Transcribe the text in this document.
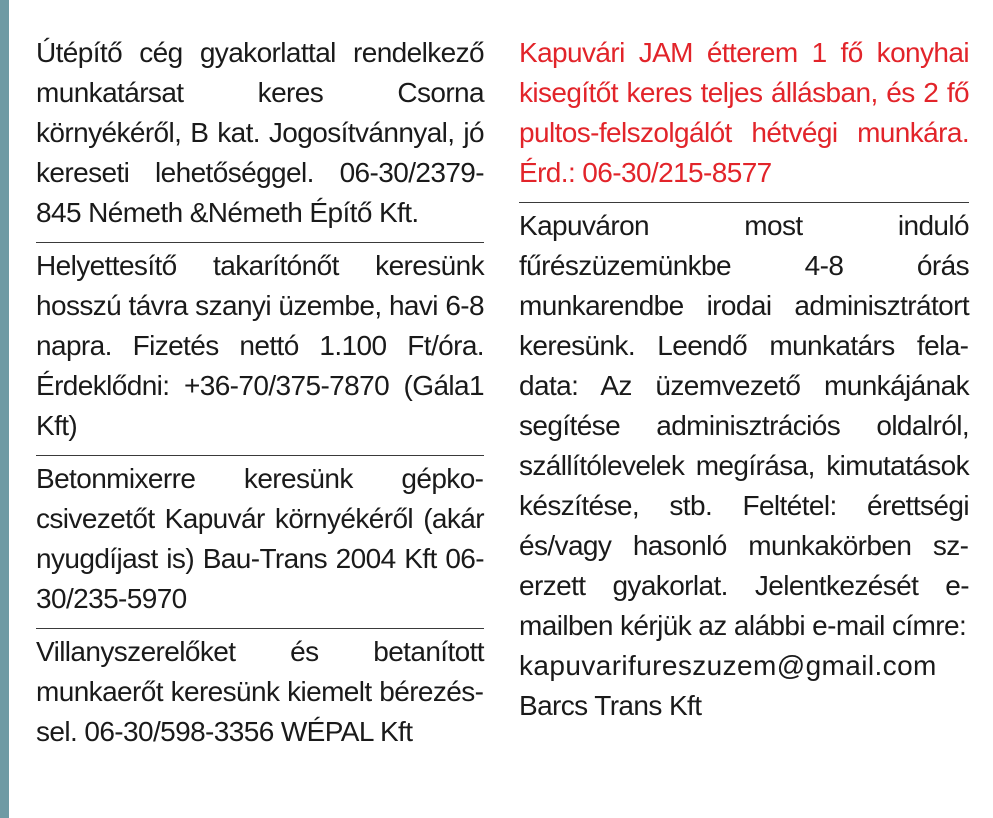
Útépítő cég gyakorlattal rendelkező munkatársat keres Csorna környékéről, B kat. Jogosítvánnyal, jó kereseti lehetőséggel. 06-30/2379-845 Németh &Németh Építő Kft.

Helyettesítő takarítónőt keresünk hosszú távra szanyi üzembe, havi 6-8 napra. Fizetés nettó 1.100 Ft/óra. Érdeklődni: +36-70/375-7870 (Gála1 Kft)

Betonmixerre keresünk gépkocsivezetőt Kapuvár környékéről (akár nyugdíjast is) Bau-Trans 2004 Kft 06-30/235-5970

Villanyszerelőket és betanított munkaerőt keresünk kiemelt bérezéssel. 06-30/598-3356 WÉPAL Kft

Kapuvári JAM étterem 1 fő konyhai kisegítőt keres teljes állásban, és 2 fő pultos-felszolgálót hétvégi munkára. Érd.: 06-30/215-8577

Kapuváron most induló fűrészüzemünkbe 4-8 órás munkarendbe irodai adminisztrátort keresünk. Leendő munkatárs feladata: Az üzemvezető munkájának segítése adminisztrációs oldalról, szállítólevelek megírása, kimutatások készítése, stb. Feltétel: érettségi és/vagy hasonló munkakörben szerzett gyakorlat. Jelentkezését e-mailben kérjük az alábbi e-mail címre:
kapuvarifureszuzem@gmail.com
Barcs Trans Kft
